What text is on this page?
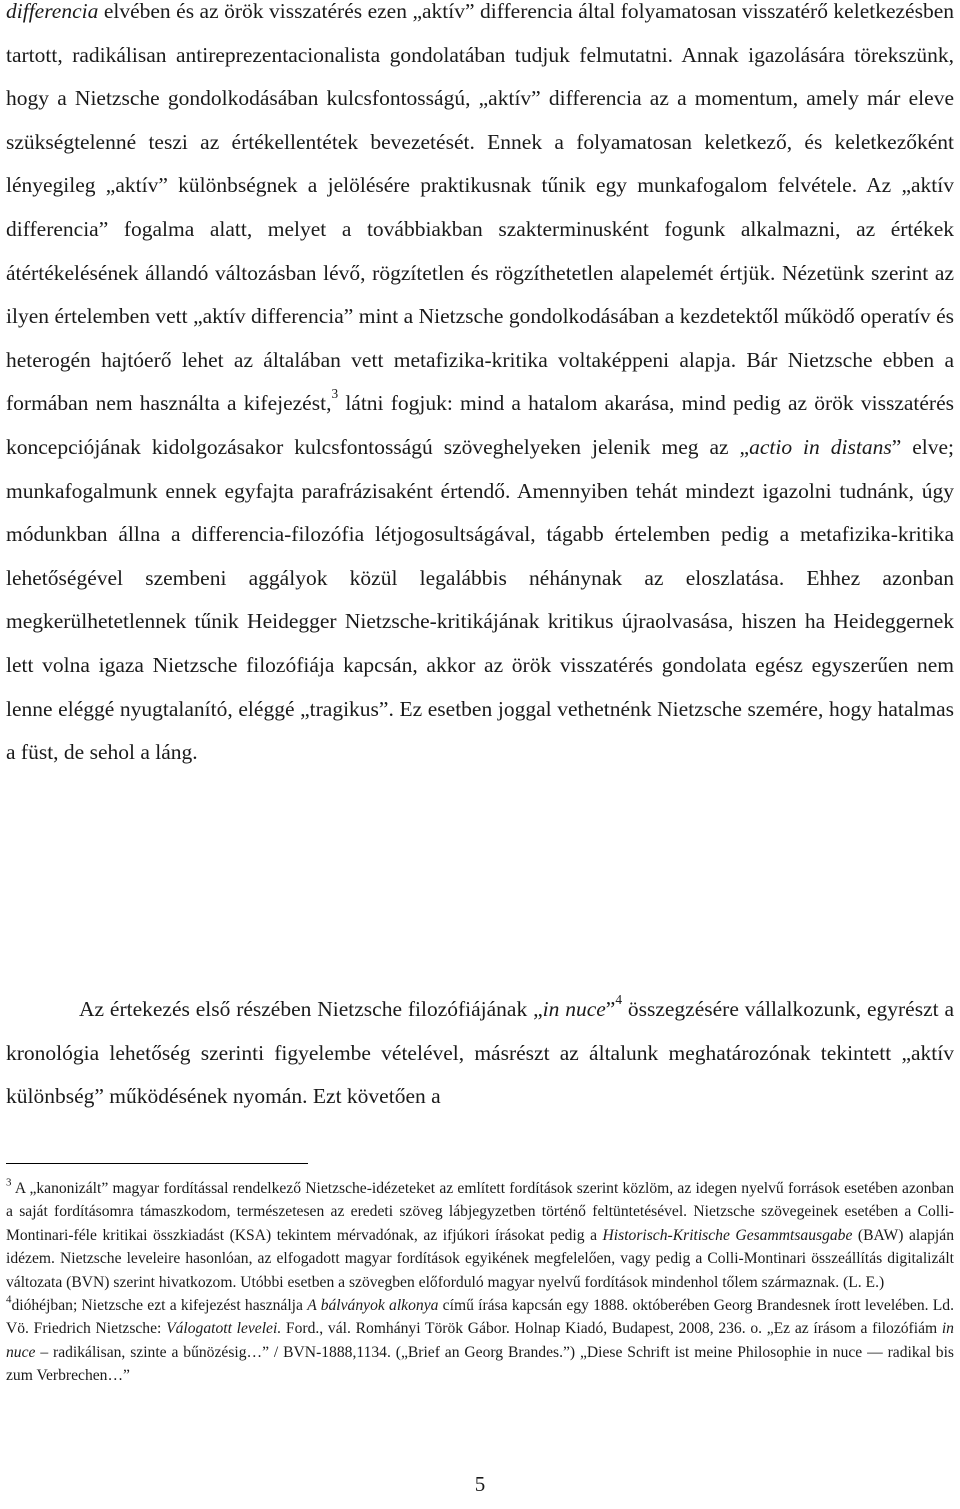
differencia elvében és az örök visszatérés ezen „aktív” differencia által folyamatosan visszatérő keletkezésben tartott, radikálisan antireprezentacionalista gondolatában tudjuk felmutatni. Annak igazolására törekszünk, hogy a Nietzsche gondolkodásában kulcsfontosságú, „aktív” differencia az a momentum, amely már eleve szükségtelenné teszi az értékellentétek bevezetését. Ennek a folyamatosan keletkező, és keletkezőként lényegileg „aktív” különbségnek a jelölésére praktikusnak tűnik egy munkafogalom felvétele. Az „aktív differencia” fogalma alatt, melyet a továbbiakban szakterminusként fogunk alkalmazni, az értékek átértékelésének állandó változásban lévő, rögzítetlen és rögzíthetetlen alapelemét értjük. Nézetünk szerint az ilyen értelemben vett „aktív differencia” mint a Nietzsche gondolkodásában a kezdetektől működő operatív és heterogén hajtóerő lehet az általában vett metafizika-kritika voltaképpeni alapja. Bár Nietzsche ebben a formában nem használta a kifejezést,$^3$ látni fogjuk: mind a hatalom akarása, mind pedig az örök visszatérés koncepciójának kidolgozásakor kulcsfontosságú szöveghelyeken jelenik meg az „actio in distans” elve; munkafogalmunk ennek egyfajta parafrázisaként értendő. Amennyiben tehát mindezt igazolni tudnánk, úgy módunkban állna a differencia-filozófia létjogosultságával, tágabb értelemben pedig a metafizika-kritika lehetőségével szembeni aggályok közül legalábbis néhánynak az eloszlatása. Ehhez azonban megkerülhetetlennek tűnik Heidegger Nietzsche-kritikájának kritikus újraolvasása, hiszen ha Heideggernek lett volna igaza Nietzsche filozófiája kapcsán, akkor az örök visszatérés gondolata egész egyszerűen nem lenne eléggé nyugtalanító, eléggé „tragikus”. Ez esetben joggal vethetnénk Nietzsche szemére, hogy hatalmas a füst, de sehol a láng.

Az értekezés első részében Nietzsche filozófiájának „in nuce”$^4$ összegzésére vállalkozunk, egyrészt a kronológia lehetőség szerinti figyelembe vételével, másrészt az általunk meghatározónak tekintett „aktív különbség” működésének nyomán. Ezt követően a

$^3$ A „kanonizált” magyar fordítással rendelkező Nietzsche-idézeteket az említett fordítások szerint közlöm, az idegen nyelvű források esetében azonban a saját fordításomra támaszkodom, természetesen az eredeti szöveg lábjegyzetben történő feltüntetésével. Nietzsche szövegeinek esetében a Colli-Montinari-féle kritikai összkiadást (KSA) tekintem mérvadónak, az ifjúkori írásokat pedig a Historisch-Kritische Gesammtsausgabe (BAW) alapján idézem. Nietzsche leveleire hasonlóan, az elfogadott magyar fordítások egyikének megfelelően, vagy pedig a Colli-Montinari összeállítás digitalizált változata (BVN) szerint hivatkozom. Utóbbi esetben a szövegben előforduló magyar nyelvű fordítások mindenhol tőlem származnak. (L. E.)

$^4$dióhéjban; Nietzsche ezt a kifejezést használja A bálványok alkonya című írása kapcsán egy 1888. októberében Georg Brandesnek írott levelében. Ld. Vö. Friedrich Nietzsche: Válogatott levelei. Ford., vál. Romhányi Török Gábor. Holnap Kiadó, Budapest, 2008, 236. o. „Ez az írásom a filozófiám in nuce – radikálisan, szinte a bűnözésig…” / BVN-1888,1134. („Brief an Georg Brandes.”) „Diese Schrift ist meine Philosophie in nuce — radikal bis zum Verbrechen…”

5
